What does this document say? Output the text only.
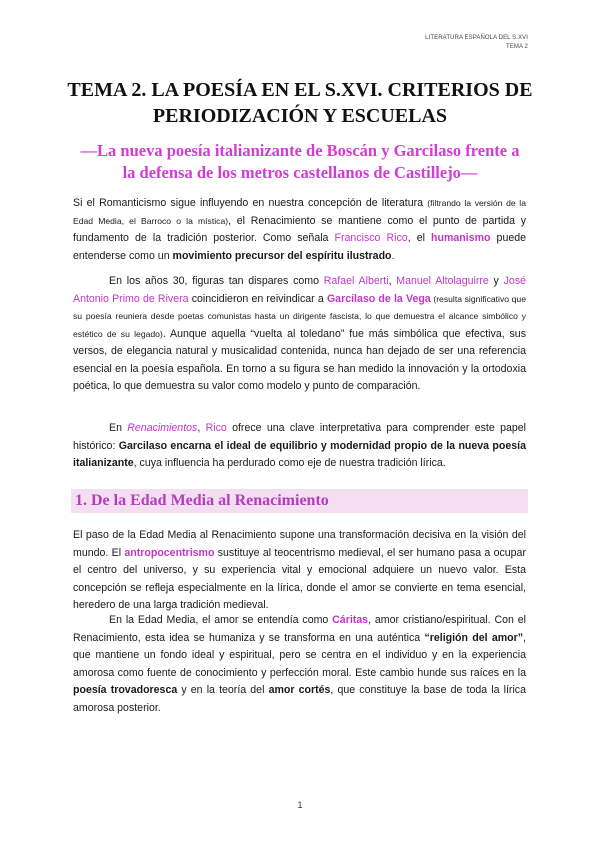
LITERATURA ESPAÑOLA DEL S.XVI
TEMA 2
TEMA 2. LA POESÍA EN EL S.XVI. CRITERIOS DE
PERIODIZACIÓN Y ESCUELAS
—La nueva poesía italianizante de Boscán y Garcilaso frente a
la defensa de los metros castellanos de Castillejo—

Si el Romanticismo sigue influyendo en nuestra concepción de literatura (filtrando la versión de la Edad Media, el Barroco o la mística), el Renacimiento se mantiene como el punto de partida y fundamento de la tradición posterior. Como señala Francisco Rico, el humanismo puede entenderse como un movimiento precursor del espíritu ilustrado.

En los años 30, figuras tan dispares como Rafael Alberti, Manuel Altolaguirre y José Antonio Primo de Rivera coincidieron en reivindicar a Garcilaso de la Vega (resulta significativo que su poesía reuniera desde poetas comunistas hasta un dirigente fascista, lo que demuestra el alcance simbólico y estético de su legado). Aunque aquella “vuelta al toledano” fue más simbólica que efectiva, sus versos, de elegancia natural y musicalidad contenida, nunca han dejado de ser una referencia esencial en la poesía española. En torno a su figura se han medido la innovación y la ortodoxia poética, lo que demuestra su valor como modelo y punto de comparación.

En Renacimientos, Rico ofrece una clave interpretativa para comprender este papel histórico: Garcilaso encarna el ideal de equilibrio y modernidad propio de la nueva poesía italianizante, cuya influencia ha perdurado como eje de nuestra tradición lírica.

1. De la Edad Media al Renacimiento

El paso de la Edad Media al Renacimiento supone una transformación decisiva en la visión del mundo. El antropocentrismo sustituye al teocentrismo medieval, el ser humano pasa a ocupar el centro del universo, y su experiencia vital y emocional adquiere un nuevo valor. Esta concepción se refleja especialmente en la lírica, donde el amor se convierte en tema esencial, heredero de una larga tradición medieval.

En la Edad Media, el amor se entendía como Cáritas, amor cristiano/espiritual. Con el Renacimiento, esta idea se humaniza y se transforma en una auténtica “religión del amor”, que mantiene un fondo ideal y espiritual, pero se centra en el individuo y en la experiencia amorosa como fuente de conocimiento y perfección moral. Este cambio hunde sus raíces en la poesía trovadoresca y en la teoría del amor cortés, que constituye la base de toda la lírica amorosa posterior.

1
